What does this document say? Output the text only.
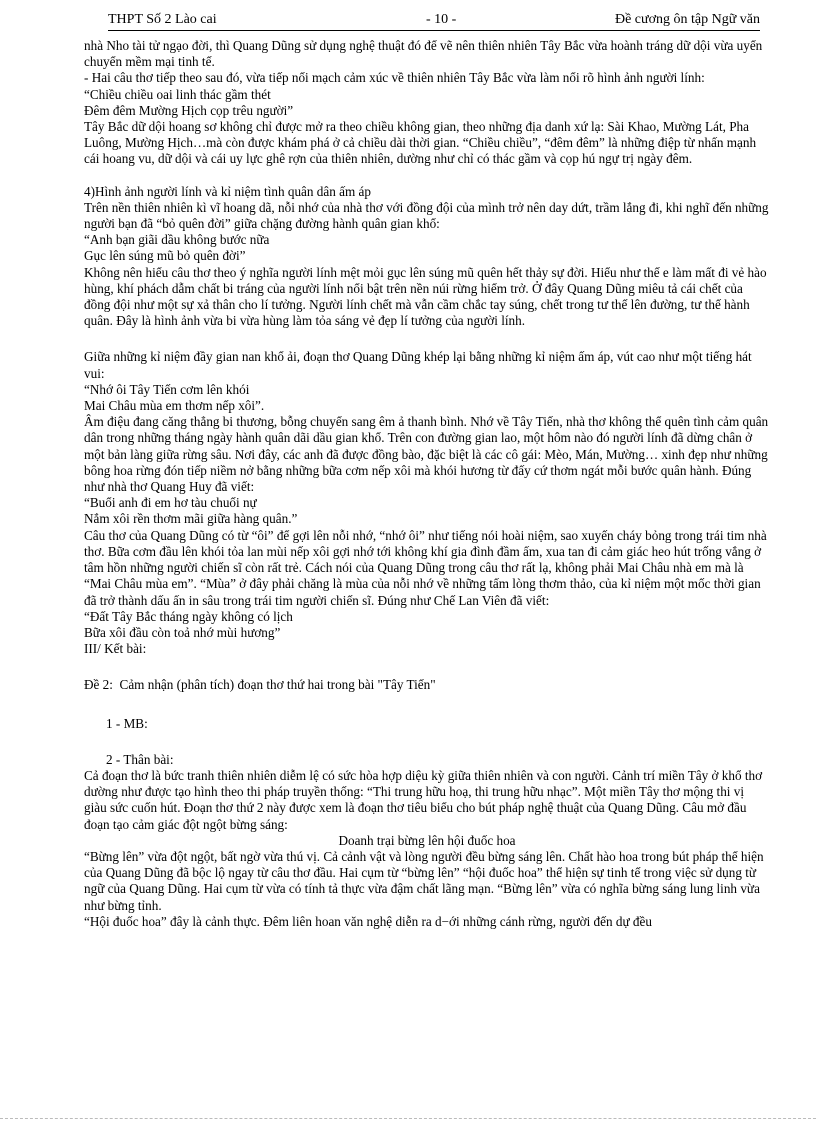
THPT Số 2 Lào cai	- 10 -	Đề cương ôn tập Ngữ văn

nhà Nho tài tử ngạo đời, thì Quang Dũng sử dụng nghệ thuật đó để vẽ nên thiên nhiên Tây Bắc vừa hoành tráng dữ dội vừa uyển chuyển mềm mại tinh tế.

- Hai câu thơ tiếp theo sau đó, vừa tiếp nối mạch cảm xúc về thiên nhiên Tây Bắc vừa làm nổi rõ hình ảnh người lính:

“Chiều chiều oai linh thác gầm thét

Đêm đêm Mường Hịch cọp trêu người”

Tây Bắc dữ dội hoang sơ không chỉ được mở ra theo chiều không gian, theo những địa danh xứ lạ: Sài Khao, Mường Lát, Pha Luông, Mường Hịch…mà còn được khám phá ở cả chiều dài thời gian. “Chiều chiều”, “đêm đêm” là những điệp từ nhấn mạnh cái hoang vu, dữ dội và cái uy lực ghê rợn của thiên nhiên, dường như chỉ có thác gầm và cọp hú ngự trị ngày đêm.

4)Hình ảnh người lính và kỉ niệm tình quân dân ấm áp

Trên nền thiên nhiên kì vĩ hoang dã, nỗi nhớ của nhà thơ với đồng đội của mình trở nên day dứt, trầm lắng đi, khi nghĩ đến những người bạn đã “bỏ quên đời” giữa chặng đường hành quân gian khổ:

“Anh bạn giãi dầu không bước nữa

Gục lên súng mũ bỏ quên đời”

Không nên hiểu câu thơ theo ý nghĩa người lính mệt mỏi gục lên súng mũ quên hết thảy sự đời. Hiểu như thế e làm mất đi vẻ hào hùng, khí phách dẫm chất bi tráng của người lính nổi bật trên nền núi rừng hiểm trở. Ở đây Quang Dũng miêu tả cái chết của đồng đội như một sự xả thân cho lí tưởng. Người lính chết mà vẫn cầm chắc tay súng, chết trong tư thế lên đường, tư thế hành quân. Đây là hình ảnh vừa bi vừa hùng làm tỏa sáng vẻ đẹp lí tưởng của người lính.

Giữa những kỉ niệm đầy gian nan khổ ải, đoạn thơ Quang Dũng khép lại bằng những kỉ niệm ấm áp, vút cao như một tiếng hát vui:

“Nhớ ôi Tây Tiến cơm lên khói

Mai Châu mùa em thơm nếp xôi”.

Âm điệu đang căng thẳng bi thương, bỗng chuyển sang êm ả thanh bình. Nhớ về Tây Tiến, nhà thơ không thể quên tình cảm quân dân trong những tháng ngày hành quân dãi dầu gian khổ. Trên con đường gian lao, một hôm nào đó người lính đã dừng chân ở một bản làng giữa rừng sâu. Nơi đây, các anh đã được đồng bào, đặc biệt là các cô gái: Mèo, Mán, Mường… xinh đẹp như những bông hoa rừng đón tiếp niềm nở bằng những bữa cơm nếp xôi mà khói hương từ đấy cứ thơm ngát mỗi bước quân hành. Đúng như nhà thơ Quang Huy đã viết:

“Buổi anh đi em hơ tàu chuối nự

Nắm xôi rền thơm mãi giữa hàng quân.”

Câu thơ của Quang Dũng có từ “ôi” để gợi lên nỗi nhớ, “nhớ ôi” như tiếng nói hoài niệm, sao xuyến cháy bỏng trong trái tim nhà thơ. Bữa cơm đầu lên khói tỏa lan mùi nếp xôi gợi nhớ tới không khí gia đình đầm ấm, xua tan đi cảm giác heo hút trống vắng ở tâm hồn những người chiến sĩ còn rất trẻ. Cách nói của Quang Dũng trong câu thơ rất lạ, không phải Mai Châu nhà em mà là “Mai Châu mùa em”. “Mùa” ở đây phải chăng là mùa của nỗi nhớ về những tấm lòng thơm thảo, của kỉ niệm một mốc thời gian đã trở thành dấu ấn in sâu trong trái tim người chiến sĩ. Đúng như Chế Lan Viên đã viết:

“Đất Tây Bắc tháng ngày không có lịch

Bữa xôi đầu còn toả nhớ mùi hương”

III/ Kết bài:

Đề 2:  Cảm nhận (phân tích) đoạn thơ thứ hai trong bài "Tây Tiến"

1 - MB:

2 - Thân bài:

Cả đoạn thơ là bức tranh thiên nhiên diễm lệ có sức hòa hợp diệu kỳ giữa thiên nhiên và con người. Cảnh trí miền Tây ở khổ thơ dường như được tạo hình theo thi pháp truyền thống: “Thi trung hữu hoạ, thi trung hữu nhạc”. Một miền Tây thơ mộng thi vị giàu sức cuốn hút. Đoạn thơ thứ 2 này được xem là đoạn thơ tiêu biểu cho bút pháp nghệ thuật của Quang Dũng. Câu mở đầu đoạn tạo cảm giác đột ngột bừng sáng:

Doanh trại bừng lên hội đuốc hoa

“Bừng lên” vừa đột ngột, bất ngờ vừa thú vị. Cả cảnh vật và lòng người đều bừng sáng lên. Chất hào hoa trong bút pháp thể hiện của Quang Dũng đã bộc lộ ngay từ câu thơ đầu. Hai cụm từ “bừng lên” “hội đuốc hoa” thể hiện sự tinh tế trong việc sử dụng từ ngữ của Quang Dũng. Hai cụm từ vừa có tính tả thực vừa đậm chất lãng mạn. “Bừng lên” vừa có nghĩa bừng sáng lung linh vừa như bừng tỉnh.

“Hội đuốc hoa” đây là cảnh thực. Đêm liên hoan văn nghệ diễn ra d−ới những cánh rừng, người đến dự đều
